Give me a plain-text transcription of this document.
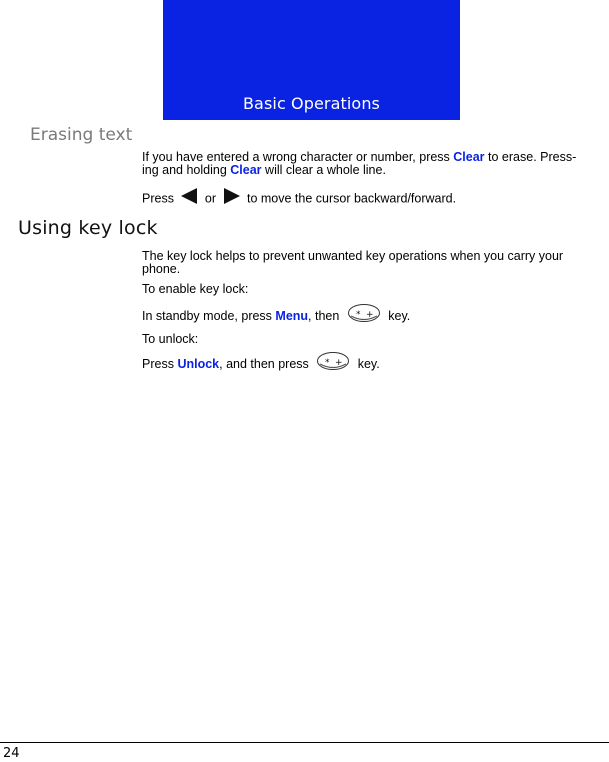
Basic Operations
Erasing text
If you have entered a wrong character or number, press Clear to erase. Press-
ing and holding Clear will clear a whole line.
Press  or  to move the cursor backward/forward.
Using key lock
The key lock helps to prevent unwanted key operations when you carry your
phone.
To enable key lock:
In standby mode, press Menu, then * + key.
To unlock:
Press Unlock, and then press * + key.
24
